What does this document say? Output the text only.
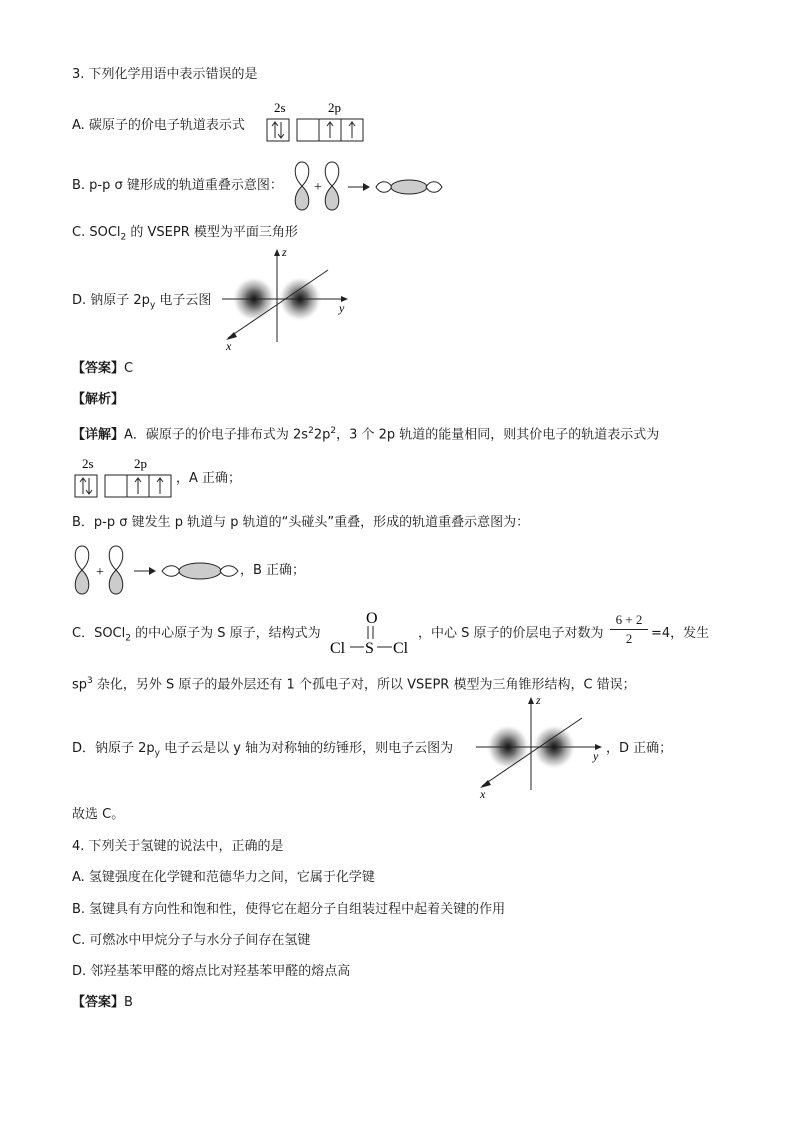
3. 下列化学用语中表示错误的是
A. 碳原子的价电子轨道表示式
2s	2p
B. p-p σ 键形成的轨道重叠示意图： +
C. SOCl$_2$ 的 VSEPR 模型为平面三角形
D. 钠原子 $2p_y$ 电子云图
z
y
x
【答案】C
【解析】
【详解】A．碳原子的价电子排布式为 $2s^22p^2$，3 个 2p 轨道的能量相同，则其价电子的轨道表示式为
2s	2p
，A 正确；
B．p-p σ 键发生 p 轨道与 p 轨道的“头碰头”重叠，形成的轨道重叠示意图为：
+	，B 正确；
C．SOCl$_2$ 的中心原子为 S 原子，结构式为
O
Cl S Cl
，中心 S 原子的价层电子对数为
6 + 2
2	=4，发生
$sp^3$ 杂化，另外 S 原子的最外层还有 1 个孤电子对，所以 VSEPR 模型为三角锥形结构，C 错误；
D．钠原子 $2p_y$ 电子云是以 y 轴为对称轴的纺锤形，则电子云图为
z
y
x
，D 正确；
故选 C。
4. 下列关于氢键的说法中，正确的是
A. 氢键强度在化学键和范德华力之间，它属于化学键
B. 氢键具有方向性和饱和性，使得它在超分子自组装过程中起着关键的作用
C. 可燃冰中甲烷分子与水分子间存在氢键
D. 邻羟基苯甲醛的熔点比对羟基苯甲醛的熔点高
【答案】B
